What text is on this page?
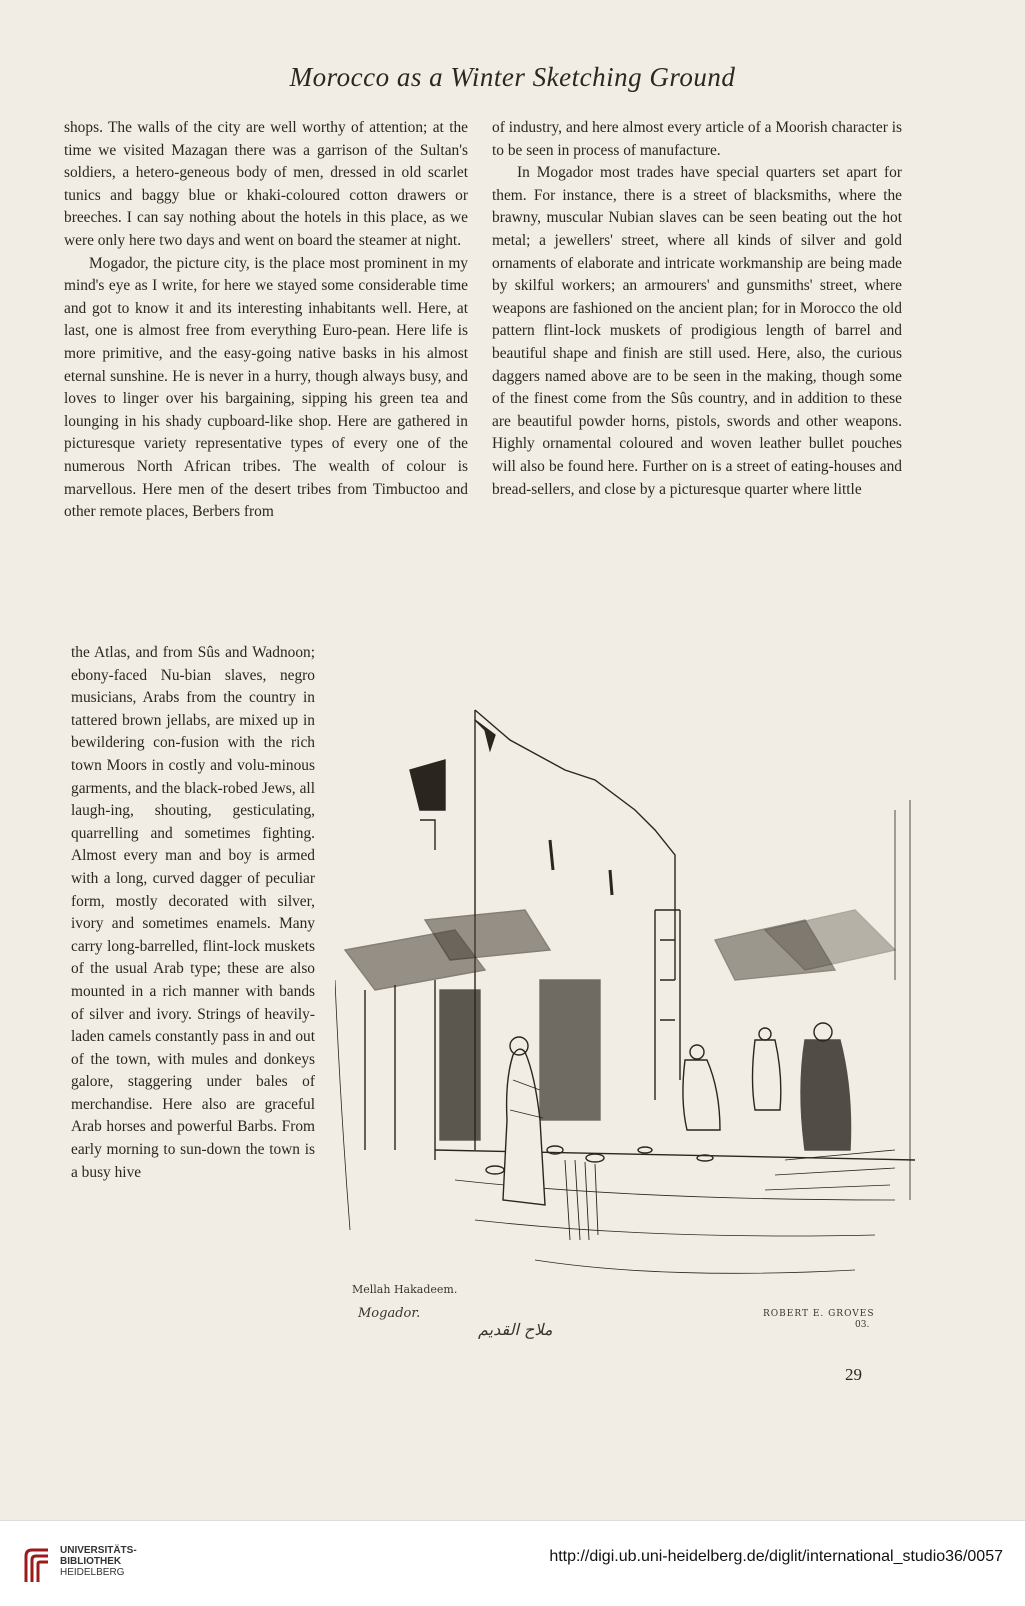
Morocco as a Winter Sketching Ground

shops. The walls of the city are well worthy of attention; at the time we visited Mazagan there was a garrison of the Sultan's soldiers, a hetero-geneous body of men, dressed in old scarlet tunics and baggy blue or khaki-coloured cotton drawers or breeches. I can say nothing about the hotels in this place, as we were only here two days and went on board the steamer at night.

Mogador, the picture city, is the place most prominent in my mind's eye as I write, for here we stayed some considerable time and got to know it and its interesting inhabitants well. Here, at last, one is almost free from everything Euro-pean. Here life is more primitive, and the easy-going native basks in his almost eternal sunshine. He is never in a hurry, though always busy, and loves to linger over his bargaining, sipping his green tea and lounging in his shady cupboard-like shop. Here are gathered in picturesque variety representative types of every one of the numerous North African tribes. The wealth of colour is marvellous. Here men of the desert tribes from Timbuctoo and other remote places, Berbers from

the Atlas, and from Sûs and Wadnoon; ebony-faced Nu-bian slaves, negro musicians, Arabs from the country in tattered brown jellabs, are mixed up in bewildering con-fusion with the rich town Moors in costly and volu-minous garments, and the black-robed Jews, all laugh-ing, shouting, gesticulating, quarrelling and sometimes fighting. Almost every man and boy is armed with a long, curved dagger of peculiar form, mostly decorated with silver, ivory and sometimes enamels. Many carry long-barrelled, flint-lock muskets of the usual Arab type; these are also mounted in a rich manner with bands of silver and ivory. Strings of heavily-laden camels constantly pass in and out of the town, with mules and donkeys galore, staggering under bales of merchandise. Here also are graceful Arab horses and powerful Barbs. From early morning to sun-down the town is a busy hive

of industry, and here almost every article of a Moorish character is to be seen in process of manufacture.

In Mogador most trades have special quarters set apart for them. For instance, there is a street of blacksmiths, where the brawny, muscular Nubian slaves can be seen beating out the hot metal; a jewellers' street, where all kinds of silver and gold ornaments of elaborate and intricate workmanship are being made by skilful workers; an armourers' and gunsmiths' street, where weapons are fashioned on the ancient plan; for in Morocco the old pattern flint-lock muskets of prodigious length of barrel and beautiful shape and finish are still used. Here, also, the curious daggers named above are to be seen in the making, though some of the finest come from the Sûs country, and in addition to these are beautiful powder horns, pistols, swords and other weapons. Highly ornamental coloured and woven leather bullet pouches will also be found here. Further on is a street of eating-houses and bread-sellers, and close by a picturesque quarter where little

Mellah Hakadeem.
Mogador.	ROBERT E. GROVES
03.
ملاح القديم
29
UNIVERSITÄTS-
BIBLIOTHEK
HEIDELBERG
http://digi.ub.uni-heidelberg.de/diglit/international_studio36/0057
